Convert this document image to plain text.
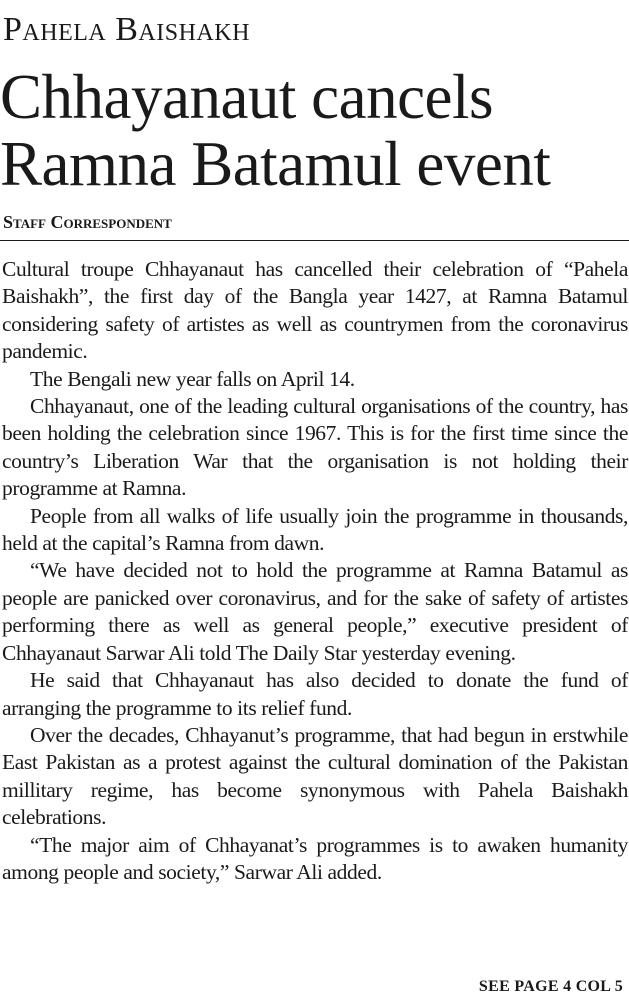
Pahela Baishakh
Chhayanaut cancels Ramna Batamul event
Staff Correspondent

Cultural troupe Chhayanaut has cancelled their celebration of “Pahela Baishakh”, the first day of the Bangla year 1427, at Ramna Batamul considering safety of artistes as well as countrymen from the coronavirus pandemic.

The Bengali new year falls on April 14.

Chhayanaut, one of the leading cultural organisations of the country, has been holding the celebration since 1967. This is for the first time since the country’s Liberation War that the organisation is not holding their programme at Ramna.

People from all walks of life usually join the programme in thousands, held at the capital’s Ramna from dawn.

“We have decided not to hold the programme at Ramna Batamul as people are panicked over coronavirus, and for the sake of safety of artistes performing there as well as general people,” executive president of Chhayanaut Sarwar Ali told The Daily Star yesterday evening.

He said that Chhayanaut has also decided to donate the fund of arranging the programme to its relief fund.

Over the decades, Chhayanut’s programme, that had begun in erstwhile East Pakistan as a protest against the cultural domination of the Pakistan millitary regime, has become synonymous with Pahela Baishakh celebrations.

“The major aim of Chhayanat’s programmes is to awaken humanity among people and society,” Sarwar Ali added.

SEE PAGE 4 COL 5
